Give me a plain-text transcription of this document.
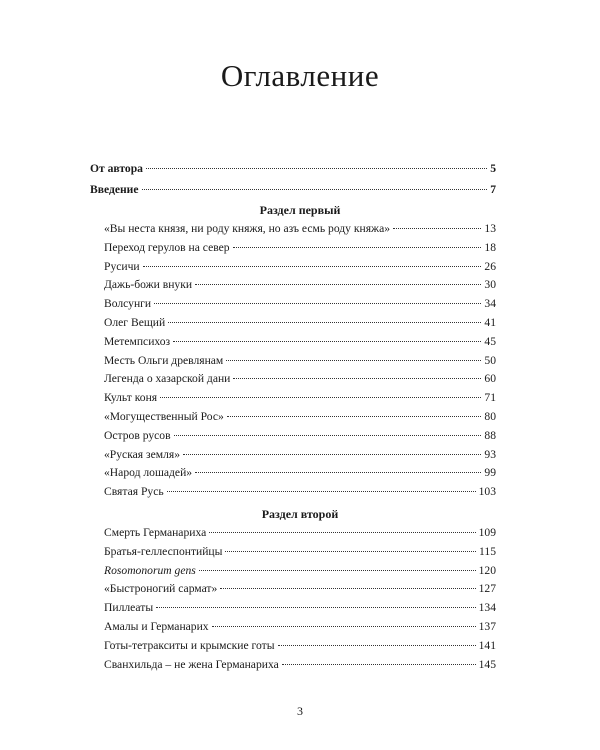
Оглавление
От автора	5
Введение	7
Раздел первый
«Вы неста князя, ни роду княжя, но азъ есмь роду княжа»	13
Переход герулов на север	18
Русичи	26
Дажь-божи внуки	30
Волсунги	34
Олег Вещий	41
Метемпсихоз	45
Месть Ольги древлянам	50
Легенда о хазарской дани	60
Культ коня	71
«Могущественный Рос»	80
Остров русов	88
«Руская земля»	93
«Народ лошадей»	99
Святая Русь	103
Раздел второй
Смерть Германариха	109
Братья-геллеспонтийцы	115
Rosomonorum gens	120
«Быстроногий сармат»	127
Пиллеаты	134
Амалы и Германарих	137
Готы-тетракситы и крымские готы	141
Сванхильда – не жена Германариха	145
3
